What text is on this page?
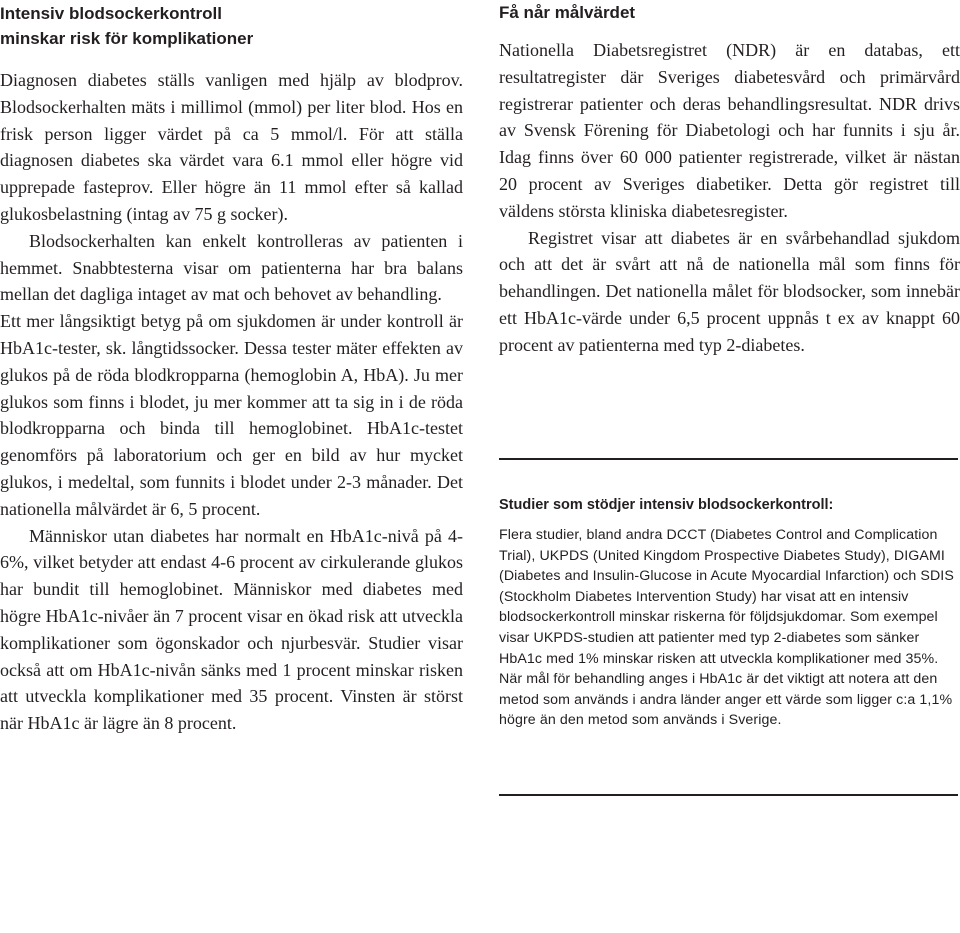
Intensiv blodsockerkontroll
minskar risk för komplikationer
Diagnosen diabetes ställs vanligen med hjälp av blodprov. Blodsockerhalten mäts i millimol (mmol) per liter blod. Hos en frisk person ligger värdet på ca 5 mmol/l. För att ställa diagnosen diabetes ska värdet vara 6.1 mmol eller högre vid upprepade fasteprov. Eller högre än 11 mmol efter så kallad glukosbelastning (intag av 75 g socker).
Blodsockerhalten kan enkelt kontrolleras av patienten i hemmet. Snabbtesterna visar om patienterna har bra balans mellan det dagliga intaget av mat och behovet av behandling.
Ett mer långsiktigt betyg på om sjukdomen är under kontroll är HbA1c-tester, sk. långtidssocker. Dessa tester mäter effekten av glukos på de röda blodkropparna (hemoglobin A, HbA). Ju mer glukos som finns i blodet, ju mer kommer att ta sig in i de röda blodkropparna och binda till hemoglobinet. HbA1c-testet genomförs på laboratorium och ger en bild av hur mycket glukos, i medeltal, som funnits i blodet under 2-3 månader. Det nationella målvärdet är 6, 5 procent.
Människor utan diabetes har normalt en HbA1c-nivå på 4-6%, vilket betyder att endast 4-6 procent av cirkulerande glukos har bundit till hemoglobinet. Människor med diabetes med högre HbA1c-nivåer än 7 procent visar en ökad risk att utveckla komplikationer som ögonskador och njurbesvär. Studier visar också att om HbA1c-nivån sänks med 1 procent minskar risken att utveckla komplikationer med 35 procent. Vinsten är störst när HbA1c är lägre än 8 procent.
Få når målvärdet
Nationella Diabetsregistret (NDR) är en databas, ett resultatregister där Sveriges diabetesvård och primärvård registrerar patienter och deras behandlingsresultat. NDR drivs av Svensk Förening för Diabetologi och har funnits i sju år. Idag finns över 60 000 patienter registrerade, vilket är nästan 20 procent av Sveriges diabetiker. Detta gör registret till väldens största kliniska diabetesregister.
Registret visar att diabetes är en svårbehandlad sjukdom och att det är svårt att nå de nationella mål som finns för behandlingen. Det nationella målet för blodsocker, som innebär ett HbA1c-värde under 6,5 procent uppnås t ex av knappt 60 procent av patienterna med typ 2-diabetes.

Studier som stödjer intensiv blodsockerkontroll:

Flera studier, bland andra DCCT (Diabetes Control and Complication Trial), UKPDS (United Kingdom Prospective Diabetes Study), DIGAMI (Diabetes and Insulin-Glucose in Acute Myocardial Infarction) och SDIS (Stockholm Diabetes Intervention Study) har visat att en intensiv blodsockerkontroll minskar riskerna för följdsjukdomar. Som exempel visar UKPDS-studien att patienter med typ 2-diabetes som sänker HbA1c med 1% minskar risken att utveckla komplikationer med 35%. När mål för behandling anges i HbA1c är det viktigt att notera att den metod som används i andra länder anger ett värde som ligger c:a 1,1% högre än den metod som används i Sverige.
